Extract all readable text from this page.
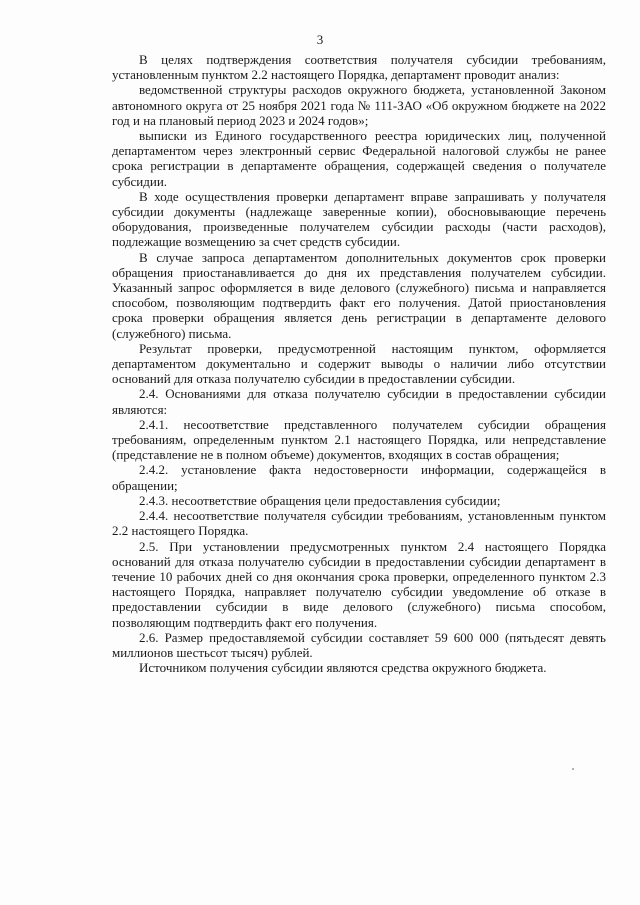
3

В целях подтверждения соответствия получателя субсидии требованиям, установленным пунктом 2.2 настоящего Порядка, департамент проводит анализ:

ведомственной структуры расходов окружного бюджета, установленной Законом автономного округа от 25 ноября 2021 года № 111-ЗАО «Об окружном бюджете на 2022 год и на плановый период 2023 и 2024 годов»;

выписки из Единого государственного реестра юридических лиц, полученной департаментом через электронный сервис Федеральной налоговой службы не ранее срока регистрации в департаменте обращения, содержащей сведения о получателе субсидии.

В ходе осуществления проверки департамент вправе запрашивать у получателя субсидии документы (надлежаще заверенные копии), обосновывающие перечень оборудования, произведенные получателем субсидии расходы (части расходов), подлежащие возмещению за счет средств субсидии.

В случае запроса департаментом дополнительных документов срок проверки обращения приостанавливается до дня их представления получателем субсидии. Указанный запрос оформляется в виде делового (служебного) письма и направляется способом, позволяющим подтвердить факт его получения. Датой приостановления срока проверки обращения является день регистрации в департаменте делового (служебного) письма.

Результат проверки, предусмотренной настоящим пунктом, оформляется департаментом документально и содержит выводы о наличии либо отсутствии оснований для отказа получателю субсидии в предоставлении субсидии.

2.4. Основаниями для отказа получателю субсидии в предоставлении субсидии являются:

2.4.1. несоответствие представленного получателем субсидии обращения требованиям, определенным пунктом 2.1 настоящего Порядка, или непредставление (представление не в полном объеме) документов, входящих в состав обращения;

2.4.2. установление факта недостоверности информации, содержащейся в обращении;

2.4.3. несоответствие обращения цели предоставления субсидии;

2.4.4. несоответствие получателя субсидии требованиям, установленным пунктом 2.2 настоящего Порядка.

2.5. При установлении предусмотренных пунктом 2.4 настоящего Порядка оснований для отказа получателю субсидии в предоставлении субсидии департамент в течение 10 рабочих дней со дня окончания срока проверки, определенного пунктом 2.3 настоящего Порядка, направляет получателю субсидии уведомление об отказе в предоставлении субсидии в виде делового (служебного) письма способом, позволяющим подтвердить факт его получения.

2.6. Размер предоставляемой субсидии составляет 59 600 000 (пятьдесят девять миллионов шестьсот тысяч) рублей.

Источником получения субсидии являются средства окружного бюджета.
